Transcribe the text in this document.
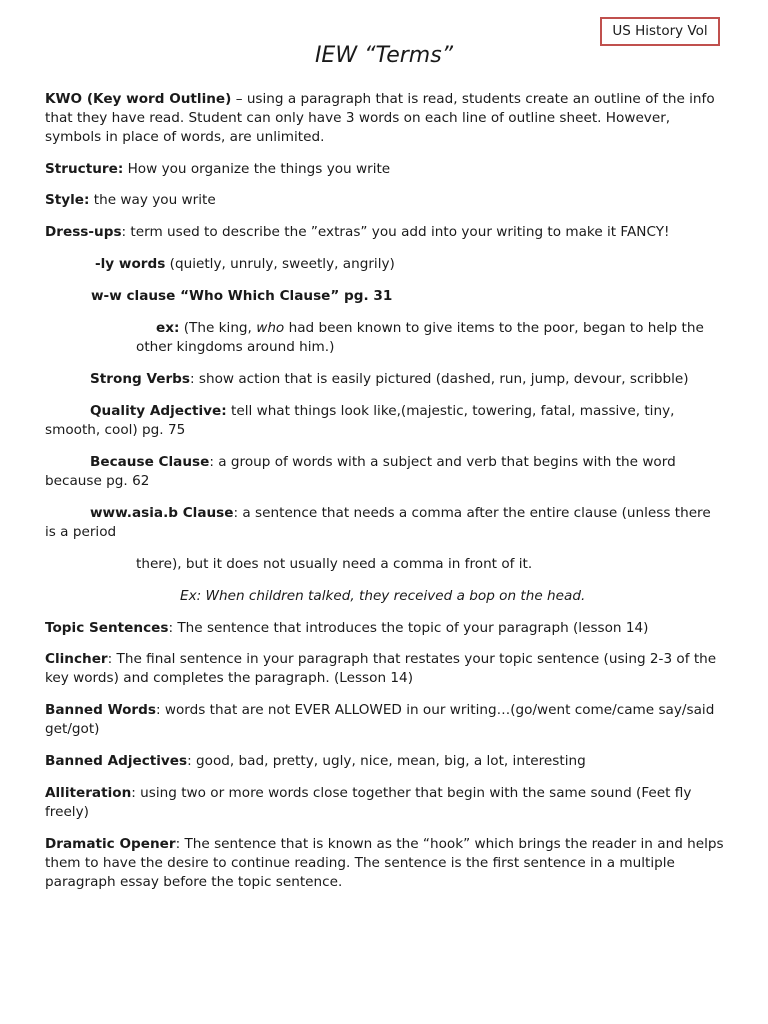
US History Vol
IEW “Terms”

KWO (Key word Outline) – using a paragraph that is read, students create an outline of the info that they have read. Student can only have 3 words on each line of outline sheet. However, symbols in place of words, are unlimited.

Structure: How you organize the things you write

Style: the way you write

Dress-ups: term used to describe the ”extras” you add into your writing to make it FANCY!

-ly words (quietly, unruly, sweetly, angrily)

w-w clause “Who Which Clause” pg. 31

ex: (The king, who had been known to give items to the poor, began to help the
other kingdoms around him.)

Strong Verbs: show action that is easily pictured (dashed, run, jump, devour, scribble)

Quality Adjective: tell what things look like,(majestic, towering, fatal, massive, tiny, smooth, cool) pg. 75

Because Clause: a group of words with a subject and verb that begins with the word because pg. 62

www.asia.b Clause: a sentence that needs a comma after the entire clause (unless there is a period

there), but it does not usually need a comma in front of it.

Ex: When children talked, they received a bop on the head.

Topic Sentences: The sentence that introduces the topic of your paragraph (lesson 14)

Clincher: The final sentence in your paragraph that restates your topic sentence (using 2-3 of the key words) and completes the paragraph. (Lesson 14)

Banned Words: words that are not EVER ALLOWED in our writing…(go/went come/came say/said get/got)

Banned Adjectives: good, bad, pretty, ugly, nice, mean, big, a lot, interesting

Alliteration: using two or more words close together that begin with the same sound (Feet fly freely)

Dramatic Opener: The sentence that is known as the “hook” which brings the reader in and helps them to have the desire to continue reading. The sentence is the first sentence in a multiple paragraph essay before the topic sentence.
